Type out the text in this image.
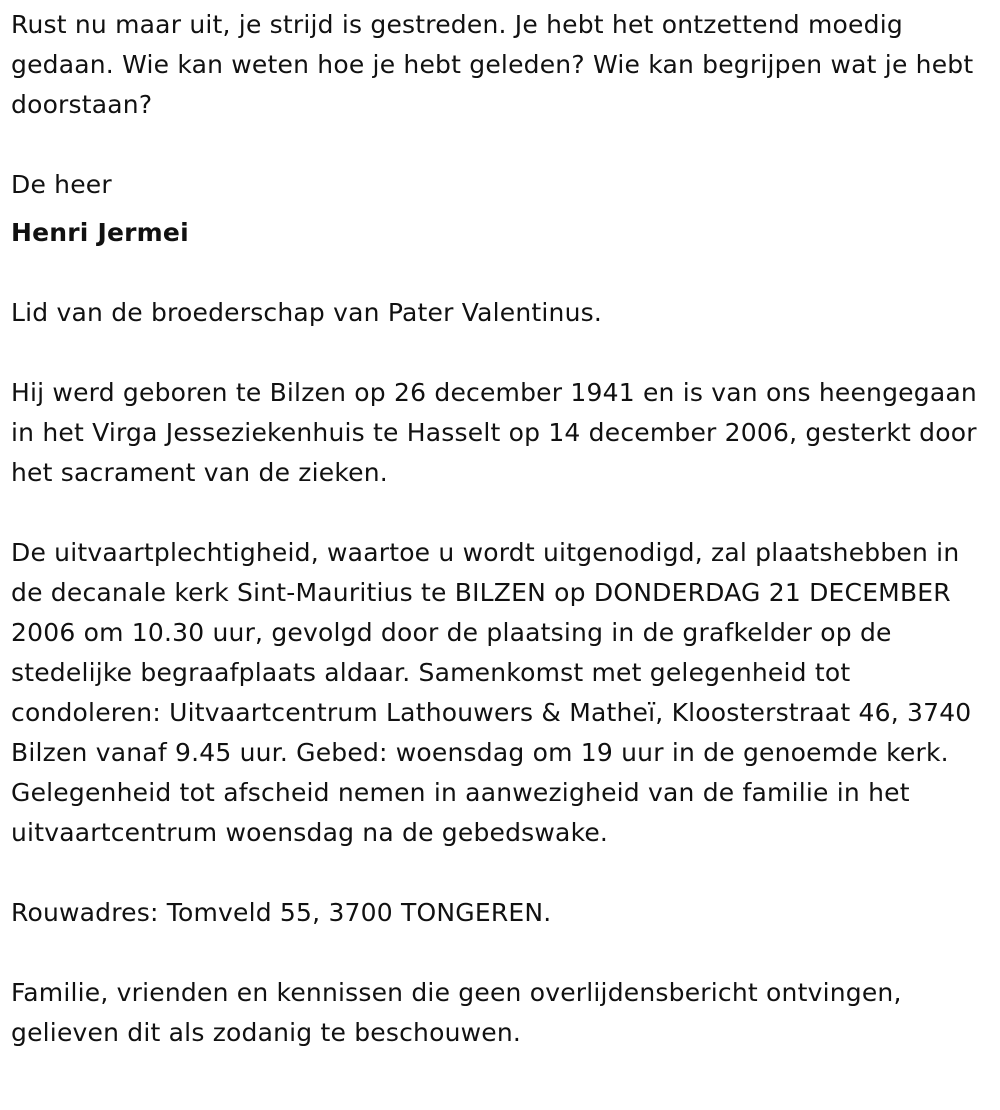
Rust nu maar uit, je strijd is gestreden. Je hebt het ontzettend moedig gedaan. Wie kan weten hoe je hebt geleden? Wie kan begrijpen wat je hebt doorstaan?

De heer

Henri Jermei

Lid van de broederschap van Pater Valentinus.

Hij werd geboren te Bilzen op 26 december 1941 en is van ons heengegaan in het Virga Jesseziekenhuis te Hasselt op 14 december 2006, gesterkt door het sacrament van de zieken.

De uitvaartplechtigheid, waartoe u wordt uitgenodigd, zal plaatshebben in de decanale kerk Sint-Mauritius te BILZEN op DONDERDAG 21 DECEMBER 2006 om 10.30 uur, gevolgd door de plaatsing in de grafkelder op de stedelijke begraafplaats aldaar. Samenkomst met gelegenheid tot condoleren: Uitvaartcentrum Lathouwers & Matheï, Kloosterstraat 46, 3740 Bilzen vanaf 9.45 uur. Gebed: woensdag om 19 uur in de genoemde kerk. Gelegenheid tot afscheid nemen in aanwezigheid van de familie in het uitvaartcentrum woensdag na de gebedswake.

Rouwadres: Tomveld 55, 3700 TONGEREN.

Familie, vrienden en kennissen die geen overlijdensbericht ontvingen, gelieven dit als zodanig te beschouwen.
